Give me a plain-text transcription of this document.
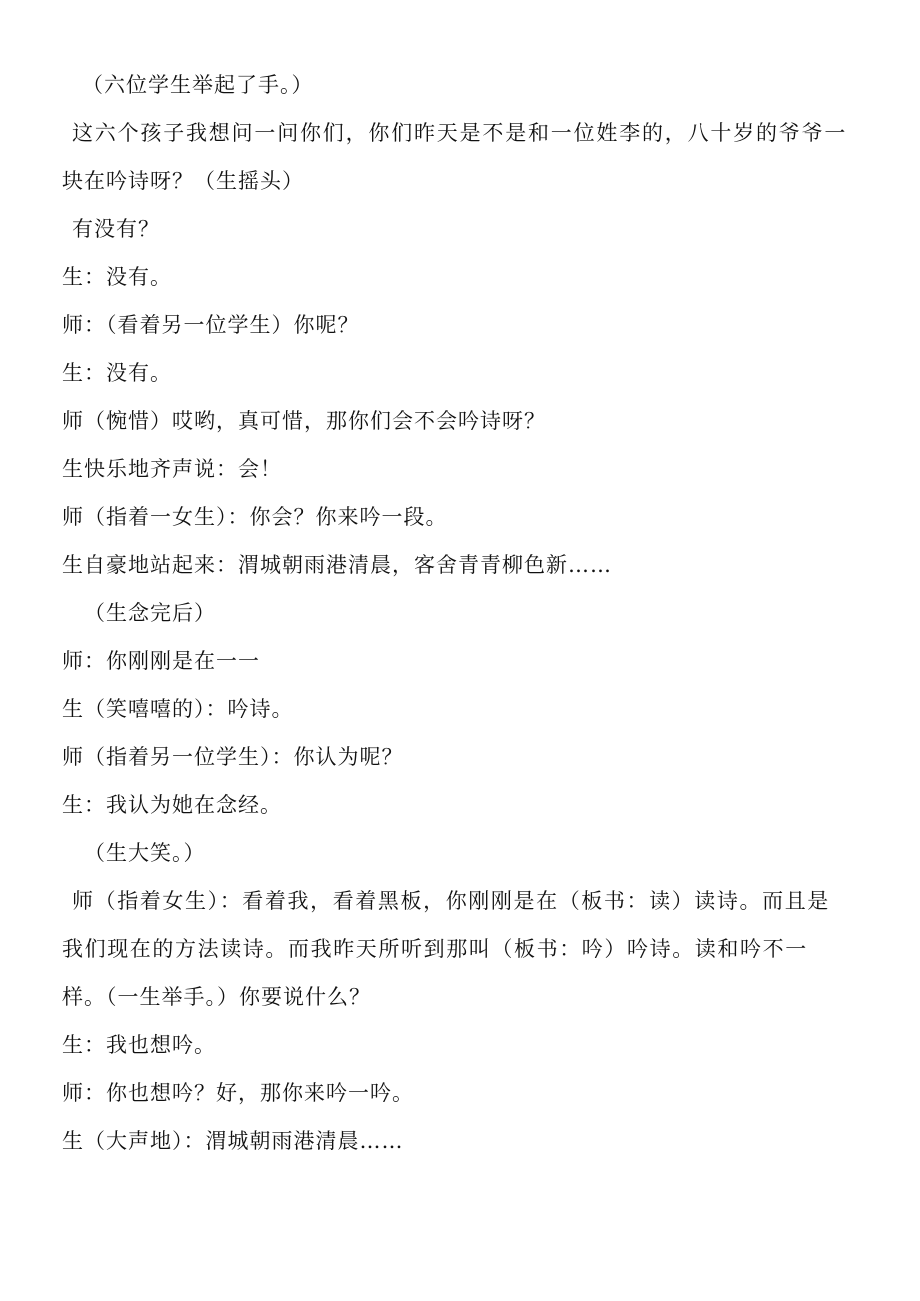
（六位学生举起了手。）
这六个孩子我想问一问你们，你们昨天是不是和一位姓李的，八十岁的爷爷一
块在吟诗呀？（生摇头）
有没有？
生：没有。
师：（看着另一位学生）你呢？
生：没有。
师（惋惜）哎哟，真可惜，那你们会不会吟诗呀？
生快乐地齐声说：会！
师（指着一女生）：你会？你来吟一段。
生自豪地站起来：渭城朝雨港清晨，客舍青青柳色新……
（生念完后）
师：你刚刚是在一一
生（笑嘻嘻的）：吟诗。
师（指着另一位学生）：你认为呢？
生：我认为她在念经。
（生大笑。）
师（指着女生）：看着我，看着黑板，你刚刚是在（板书：读）读诗。而且是
我们现在的方法读诗。而我昨天所听到那叫（板书：吟）吟诗。读和吟不一
样。（一生举手。）你要说什么？
生：我也想吟。
师：你也想吟？好，那你来吟一吟。
生（大声地）：渭城朝雨港清晨……
